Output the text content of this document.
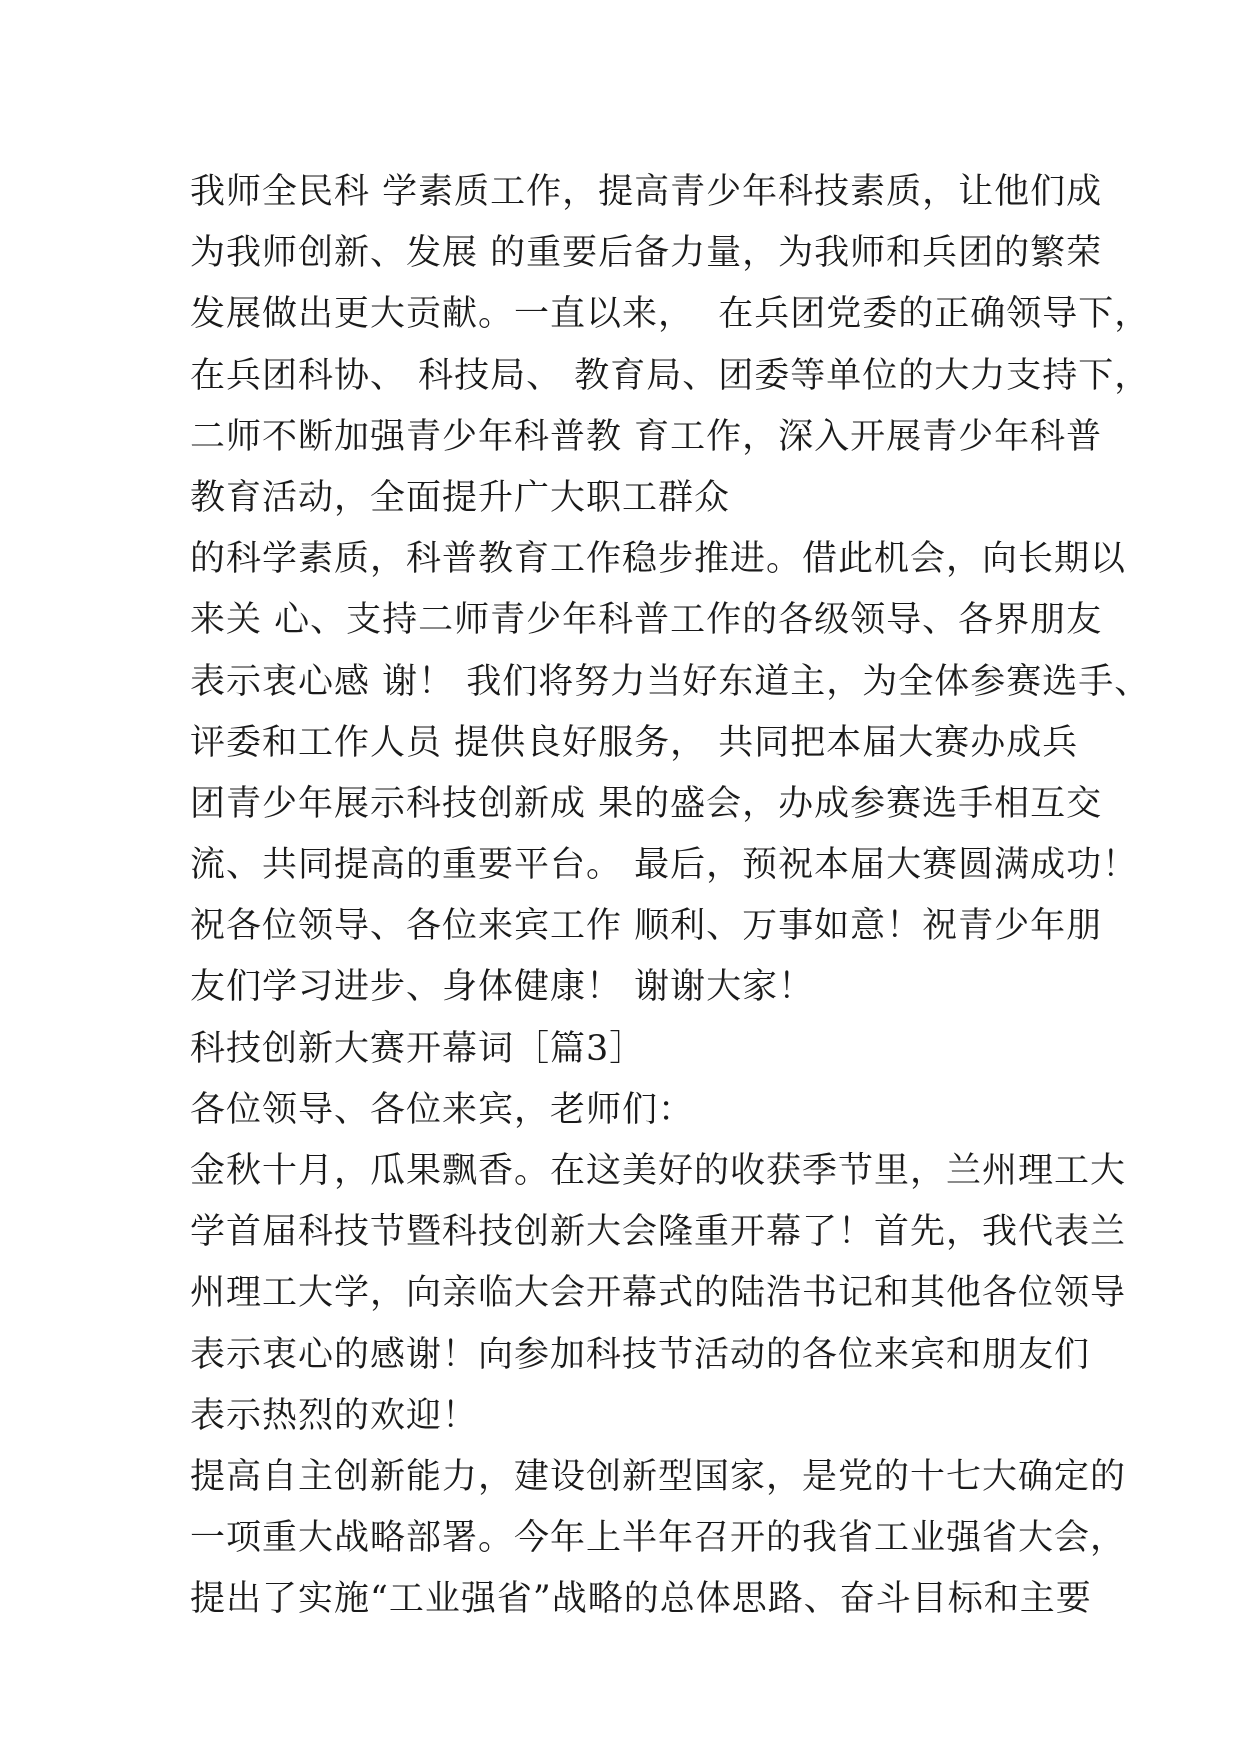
我师全民科 学素质工作，提高青少年科技素质，让他们成
为我师创新、发展 的重要后备力量，为我师和兵团的繁荣
发展做出更大贡献。一直以来，  在兵团党委的正确领导下，
在兵团科协、 科技局、 教育局、团委等单位的大力支持下，
二师不断加强青少年科普教 育工作，深入开展青少年科普
教育活动，全面提升广大职工群众
的科学素质，科普教育工作稳步推进。借此机会，向长期以
来关 心、支持二师青少年科普工作的各级领导、各界朋友
表示衷心感 谢！ 我们将努力当好东道主，为全体参赛选手、
评委和工作人员 提供良好服务， 共同把本届大赛办成兵
团青少年展示科技创新成 果的盛会，办成参赛选手相互交
流、共同提高的重要平台。 最后，预祝本届大赛圆满成功！
祝各位领导、各位来宾工作 顺利、万事如意！祝青少年朋
友们学习进步、身体健康！ 谢谢大家！
科技创新大赛开幕词［篇3］
各位领导、各位来宾，老师们：
金秋十月，瓜果飘香。在这美好的收获季节里，兰州理工大
学首届科技节暨科技创新大会隆重开幕了！首先，我代表兰
州理工大学，向亲临大会开幕式的陆浩书记和其他各位领导
表示衷心的感谢！向参加科技节活动的各位来宾和朋友们
表示热烈的欢迎！
提高自主创新能力，建设创新型国家，是党的十七大确定的
一项重大战略部署。今年上半年召开的我省工业强省大会，
提出了实施“工业强省”战略的总体思路、奋斗目标和主要
